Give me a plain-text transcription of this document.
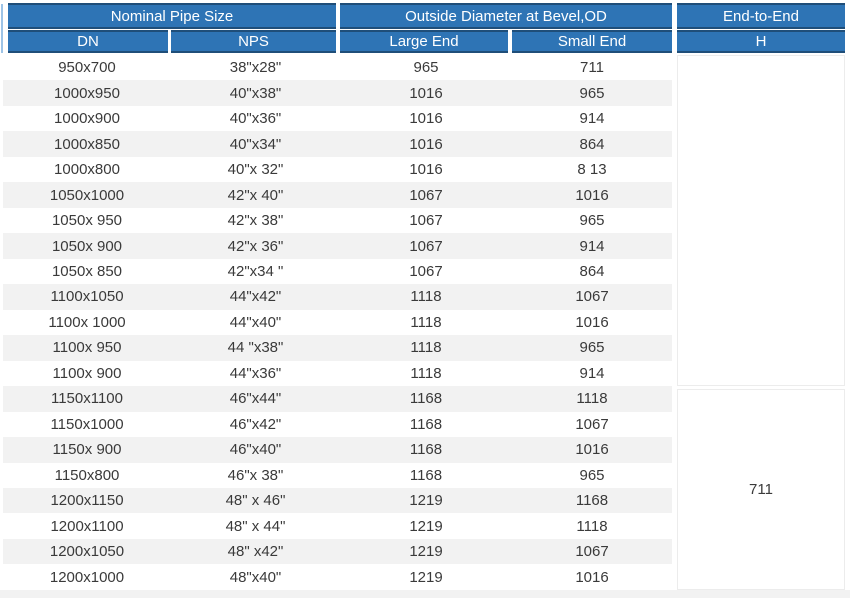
Nominal Pipe Size	Outside Diameter at Bevel,OD	End-to-End
DN	NPS	Large End	Small End	H
950x700	38"x28"	965	711
1000x950	40"x38"	1016	965
1000x900	40"x36"	1016	914
1000x850	40"x34"	1016	864
1000x800	40"x 32"	1016	8 13
1050x1000	42"x 40"	1067	1016
1050x 950	42"x 38"	1067	965
1050x 900	42"x 36"	1067	914
1050x 850	42"x34 "	1067	864
1100x1050	44"x42"	1118	1067
1100x 1000	44"x40"	1118	1016
1100x 950	44 "x38"	1118	965
1100x 900	44"x36"	1118	914
1150x1100	46"x44"	1168	1118
1150x1000	46"x42"	1168	1067
1150x 900	46"x40"	1168	1016
1150x800	46"x 38"	1168	965
1200x1150	48" x 46"	1219	1168
1200x1100	48" x 44"	1219	1118
1200x1050	48" x42"	1219	1067
1200x1000	48"x40"	1219	1016
711
